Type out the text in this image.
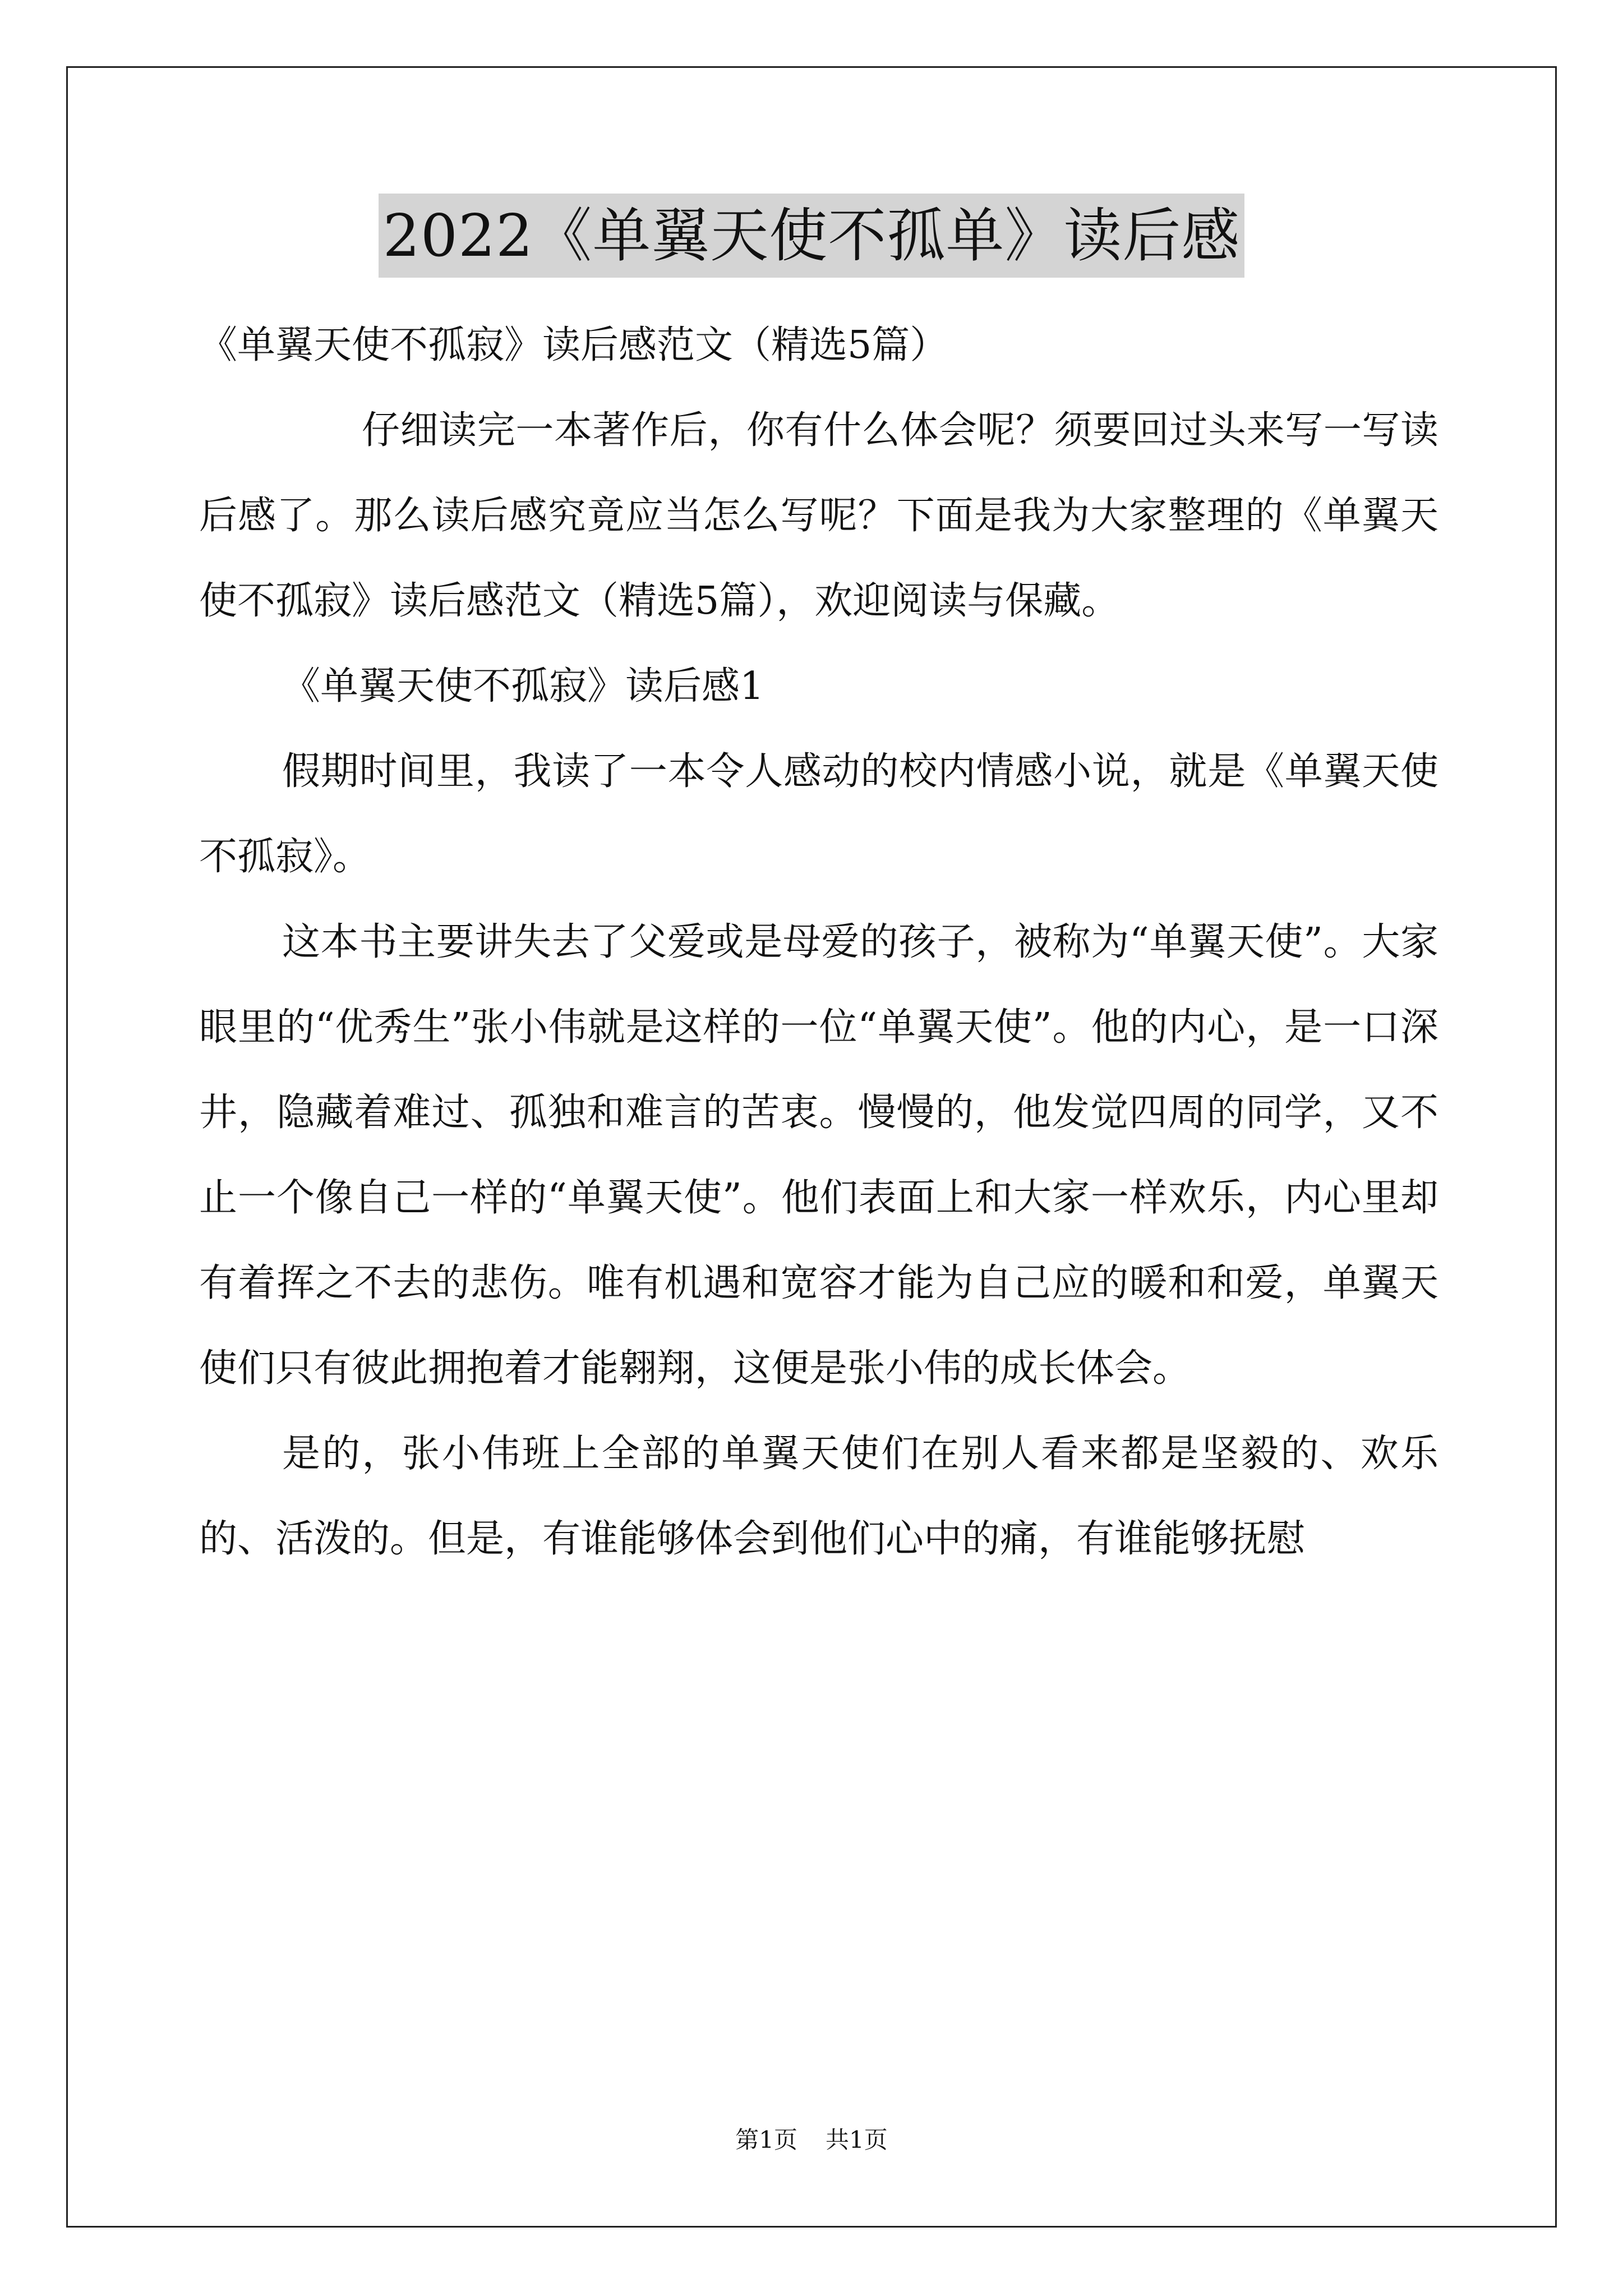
2022《单翼天使不孤单》读后感

《单翼天使不孤寂》读后感范文（精选5篇）

仔细读完一本著作后，你有什么体会呢？须要回过头来写一写读后感了。那么读后感究竟应当怎么写呢？下面是我为大家整理的《单翼天使不孤寂》读后感范文（精选5篇），欢迎阅读与保藏。

《单翼天使不孤寂》读后感1

假期时间里，我读了一本令人感动的校内情感小说，就是《单翼天使不孤寂》。

这本书主要讲失去了父爱或是母爱的孩子，被称为“单翼天使”。大家眼里的“优秀生”张小伟就是这样的一位“单翼天使”。他的内心，是一口深井，隐藏着难过、孤独和难言的苦衷。慢慢的，他发觉四周的同学，又不止一个像自己一样的“单翼天使”。他们表面上和大家一样欢乐，内心里却有着挥之不去的悲伤。唯有机遇和宽容才能为自己应的暖和和爱，单翼天使们只有彼此拥抱着才能翱翔，这便是张小伟的成长体会。

是的，张小伟班上全部的单翼天使们在别人看来都是坚毅的、欢乐的、活泼的。但是，有谁能够体会到他们心中的痛，有谁能够抚慰

第1页 共1页
